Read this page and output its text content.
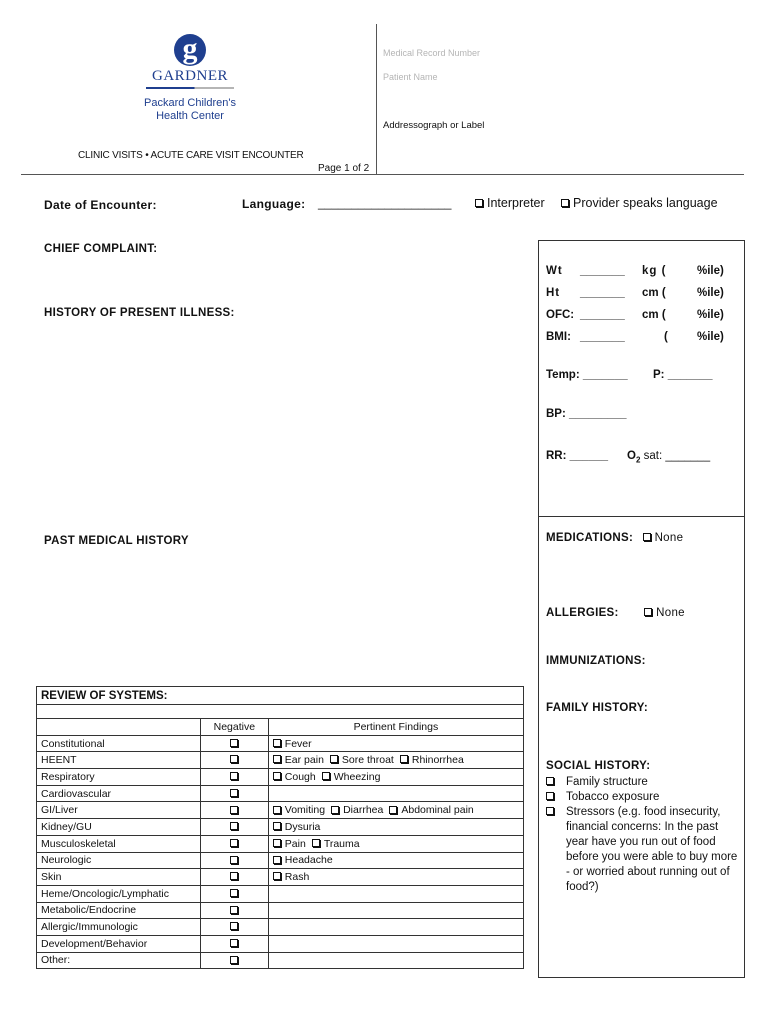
g
GARDNER
Packard Children's
Health Center
CLINIC VISITS • ACUTE CARE VISIT ENCOUNTER
Page 1 of 2
Medical Record Number
Patient Name
Addressograph or Label
Date of Encounter:	Language: ____________________	Interpreter	Provider speaks language
CHIEF COMPLAINT:
HISTORY OF PRESENT ILLNESS:
PAST MEDICAL HISTORY
Wt _______ kg (	%ile)
Ht _______ cm (	%ile)
OFC: _______ cm (	%ile)
BMI: _______	(	%ile)
Temp: _______ P: _______
BP: _________
RR: ______ $O_2$ sat: _______
MEDICATIONS: None
ALLERGIES:	None
IMMUNIZATIONS:
FAMILY HISTORY:
SOCIAL HISTORY:
Family structure
Tobacco exposure
Stressors (e.g. food insecurity, financial concerns: In the past year have you run out of food before you were able to buy more - or worried about running out of food?)
REVIEW OF SYSTEMS:		

	Negative	Pertinent Findings
Constitutional		Fever
HEENT		Ear pain Sore throat Rhinorrhea
Respiratory		Cough Wheezing
Cardiovascular		
GI/Liver		Vomiting Diarrhea Abdominal pain
Kidney/GU		Dysuria
Musculoskeletal		Pain Trauma
Neurologic		Headache
Skin		Rash
Heme/Oncologic/Lymphatic		
Metabolic/Endocrine		
Allergic/Immunologic		
Development/Behavior		
Other:		
